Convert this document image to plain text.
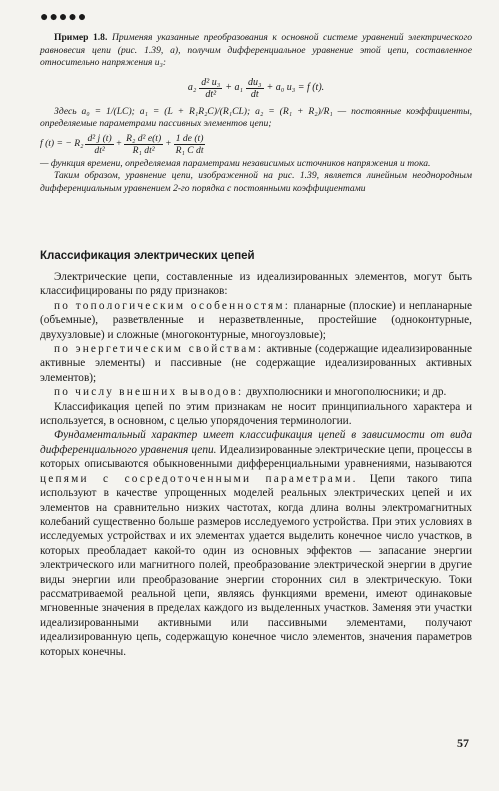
●●●●●

Пример 1.8. Применяя указанные преобразования к основной системе уравнений электрического равновесия цепи (рис. 1.39, а), получим дифференциальное уравнение этой цепи, составленное относительно напряжения u₃:

$a_2 \frac{\text{d² u₃}}{\text{dt²}} + a_1 \frac{\text{du₃}}{dt} + a_0$ u₃ = f (t).

Здесь a₀ = 1/(LC); a₁ = (L + R₁R₂C)/(R₁CL); a₂ = (R₁ + R₂)/R₁ — постоянные коэффициенты, определяемые параметрами пассивных элементов цепи;

f (t) = − $R_2 \frac{\text{d² j (t)}}{\text{dt²}} + \frac{\text{R₂ d² e(t)}}{\text{R₁ dt²}} + \frac{1 de (t)}{\text{R₁ C dt}}$

— функция времени, определяемая параметрами независимых источников напряжения и тока.

Таким образом, уравнение цепи, изображенной на рис. 1.39, является линейным неоднородным дифференциальным уравнением 2-го порядка с постоянными коэффициентами

Классификация электрических цепей

Электрические цепи, составленные из идеализированных элементов, могут быть классифицированы по ряду признаков:

по топологическим особенностям: планарные (плоские) и непланарные (объемные), разветвленные и неразветвленные, простейшие (одноконтурные, двухузловые) и сложные (многоконтурные, многоузловые);

по энергетическим свойствам: активные (содержащие идеализированные активные элементы) и пассивные (не содержащие идеализированных активных элементов);

по числу внешних выводов: двухполюсники и многополюсники; и др.

Классификация цепей по этим признакам не носит принципиального характера и используется, в основном, с целью упорядочения терминологии.

Фундаментальный характер имеет классификация цепей в зависимости от вида дифференциального уравнения цепи. Идеализированные электрические цепи, процессы в которых описываются обыкновенными дифференциальными уравнениями, называются цепями с сосредоточенными параметрами. Цепи такого типа используют в качестве упрощенных моделей реальных электрических цепей и их элементов на сравнительно низких частотах, когда длина волны электромагнитных колебаний существенно больше размеров исследуемого устройства. При этих условиях в исследуемых устройствах и их элементах удается выделить конечное число участков, в которых преобладает какой-то один из основных эффектов — запасание энергии электрического или магнитного полей, преобразование электрической энергии в другие виды энергии или преобразование энергии сторонних сил в электрическую. Токи рассматриваемой реальной цепи, являясь функциями времени, имеют одинаковые мгновенные значения в пределах каждого из выделенных участков. Заменяя эти участки идеализированными активными или пассивными элементами, получают идеализированную цепь, содержащую конечное число элементов, значения параметров которых конечны.

57
